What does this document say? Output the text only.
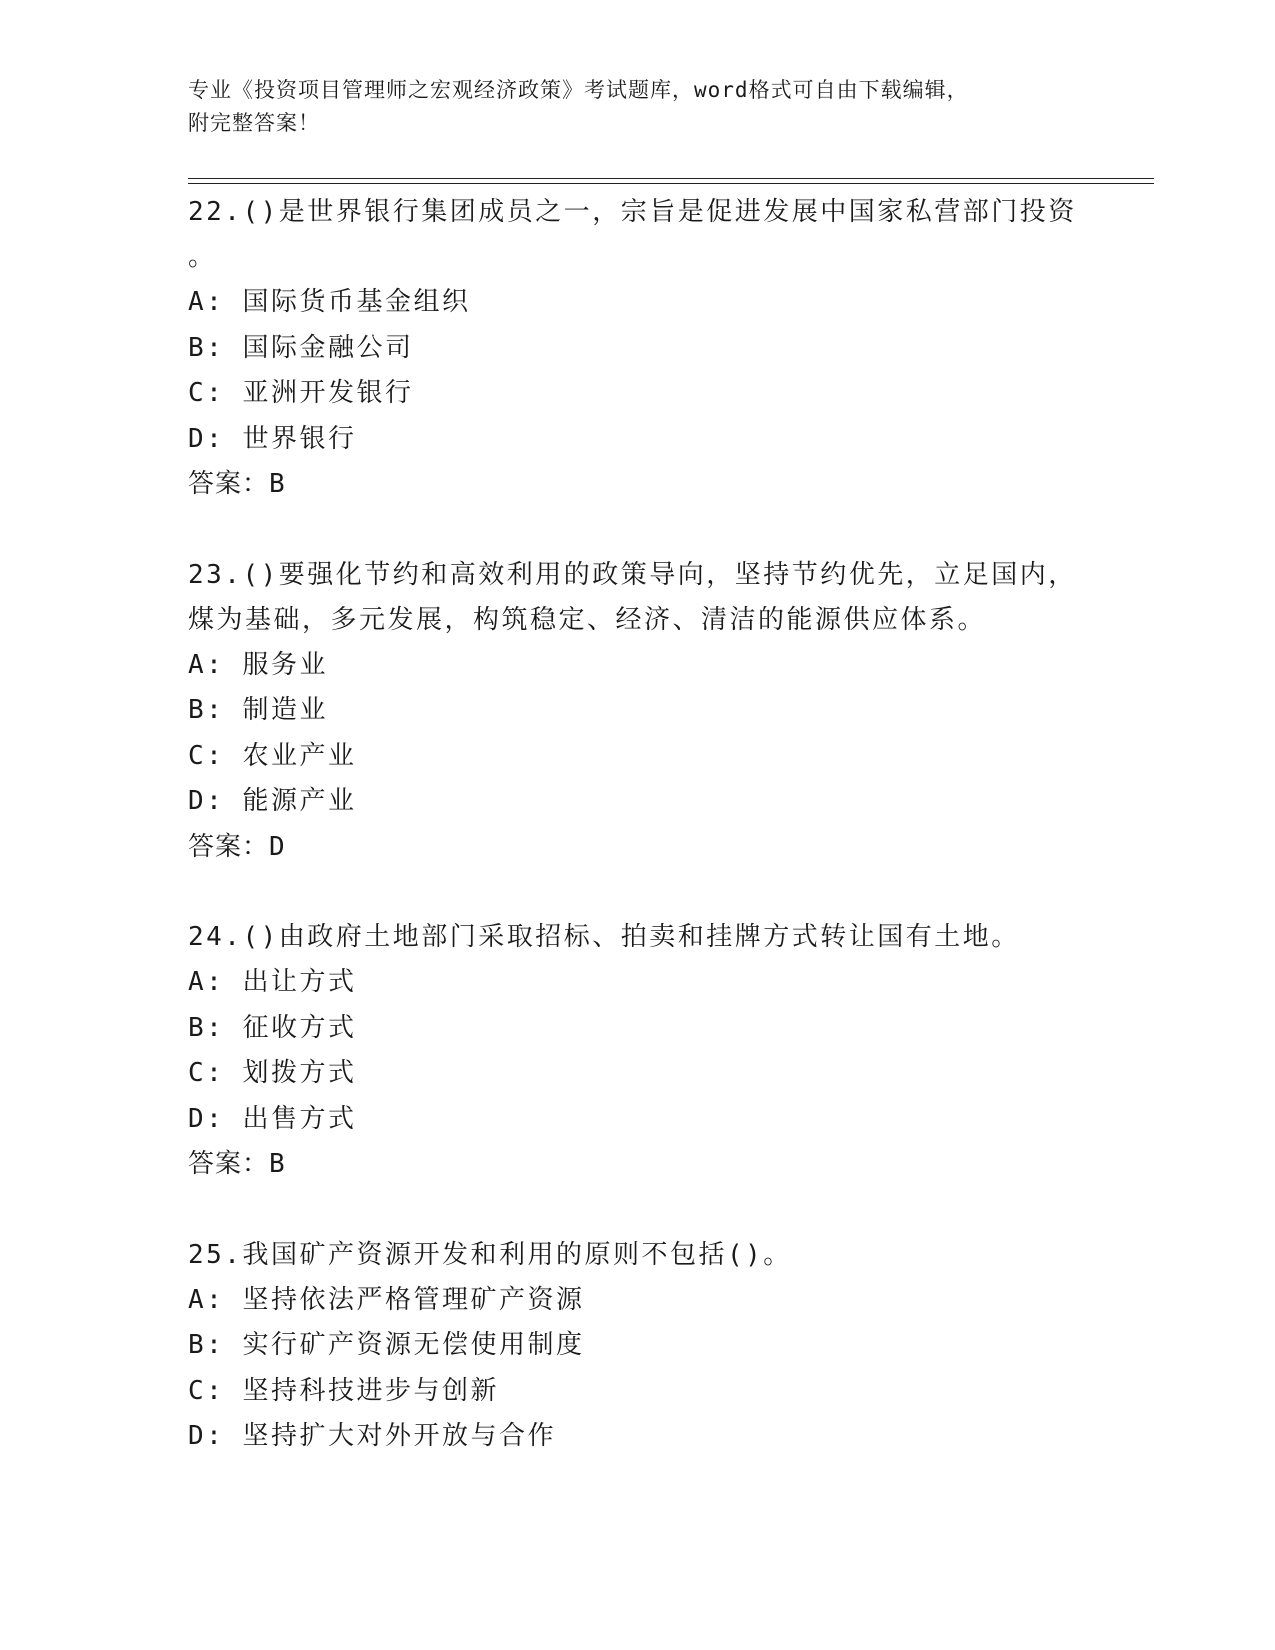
专业《投资项目管理师之宏观经济政策》考试题库，word格式可自由下载编辑，
附完整答案！

22.()是世界银行集团成员之一，宗旨是促进发展中国家私营部门投资

。

A: 国际货币基金组织

B: 国际金融公司

C: 亚洲开发银行

D: 世界银行

答案：B

23.()要强化节约和高效利用的政策导向，坚持节约优先，立足国内，

煤为基础，多元发展，构筑稳定、经济、清洁的能源供应体系。

A: 服务业

B: 制造业

C: 农业产业

D: 能源产业

答案：D

24.()由政府土地部门采取招标、拍卖和挂牌方式转让国有土地。

A: 出让方式

B: 征收方式

C: 划拨方式

D: 出售方式

答案：B

25.我国矿产资源开发和利用的原则不包括()。

A: 坚持依法严格管理矿产资源

B: 实行矿产资源无偿使用制度

C: 坚持科技进步与创新

D: 坚持扩大对外开放与合作
